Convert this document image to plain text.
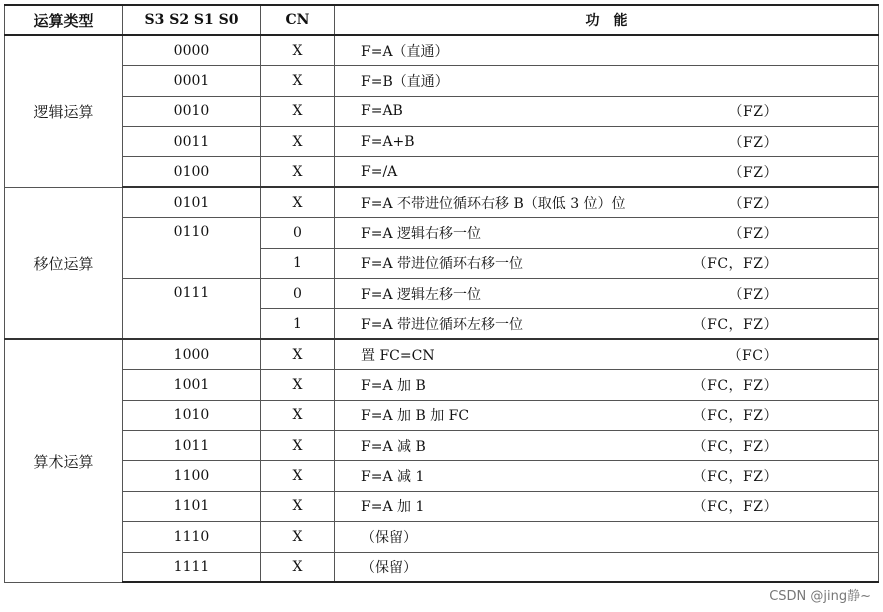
运算类型	S3 S2 S1 S0	CN	功　能
逻辑运算	0000	X	F=A（直通）

	0001	X	F=B（直通）

	0010	X	F=AB （FZ）

	0011	X	F=A+B （FZ）

	0100	X	F=/A （FZ）

移位运算	0101	X	F=A 不带进位循环右移 B（取低 3 位）位 （FZ）

	0110	0	F=A 逻辑右移一位 （FZ）

		1	F=A 带进位循环右移一位 （FC，FZ）

	0111	0	F=A 逻辑左移一位 （FZ）

		1	F=A 带进位循环左移一位 （FC，FZ）

算术运算	1000	X	置 FC=CN （FC）

	1001	X	F=A 加 B （FC，FZ）

	1010	X	F=A 加 B 加 FC （FC，FZ）

	1011	X	F=A 减 B （FC，FZ）

	1100	X	F=A 减 1 （FC，FZ）

	1101	X	F=A 加 1 （FC，FZ）

	1110	X	（保留）

	1111	X	（保留）
CSDN @jing静~
